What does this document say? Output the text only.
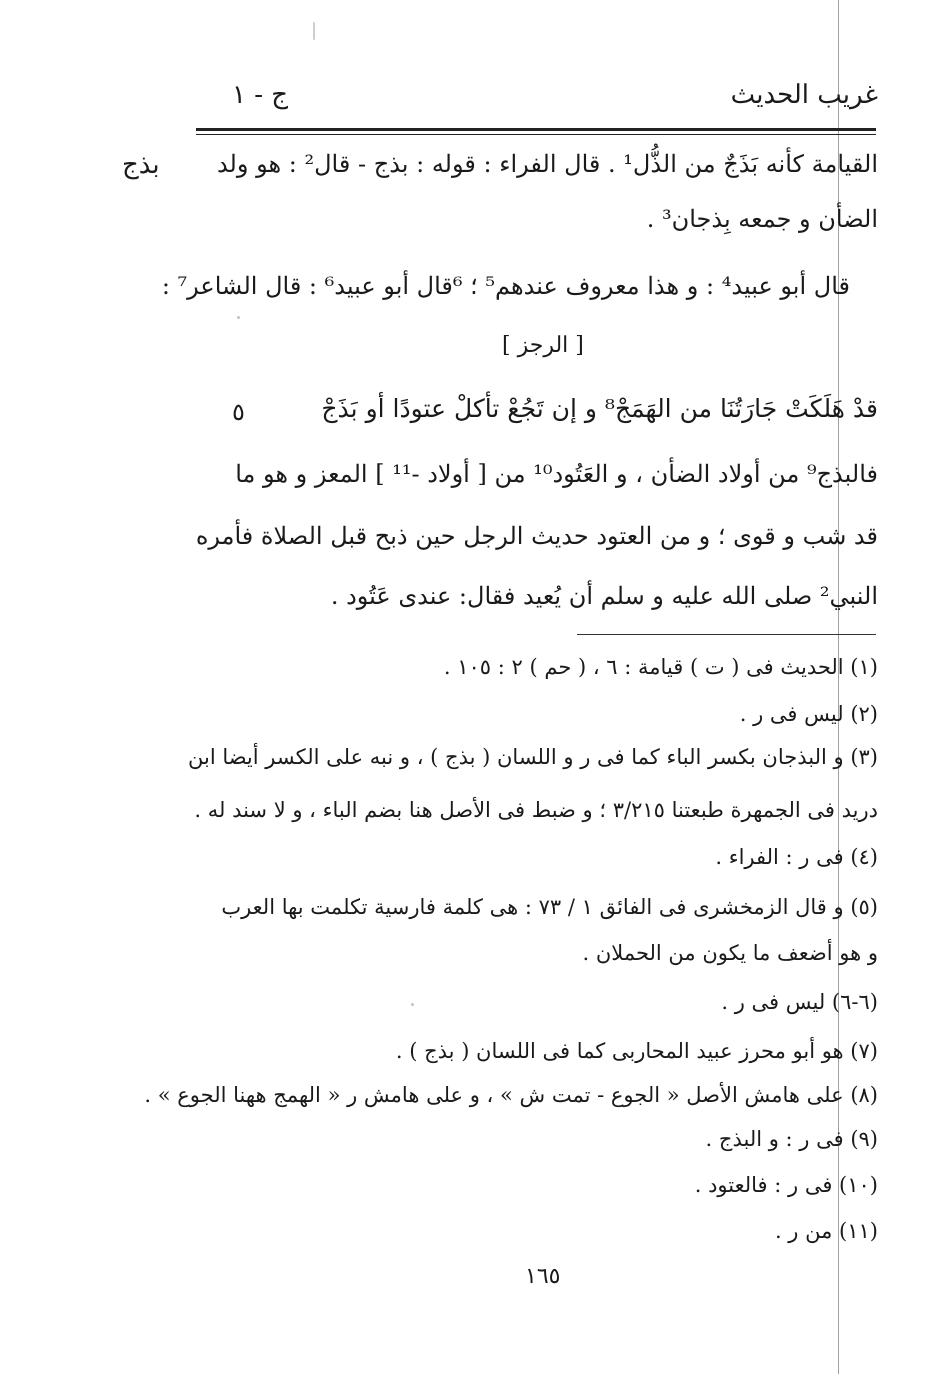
غريب الحديث
ج - ١
بذج القيامة كأنه بَذَجٌ من الذُّل¹ . قال الفراء : قوله : بذج - قال² : هو ولد
الضأن و جمعه بِذجان³ .
قال أبو عبيد⁴ : و هذا معروف عندهم⁵ ؛ ⁶قال أبو عبيد⁶ : قال الشاعر⁷ :
[ الرجز ]
قدْ هَلَكَتْ جَارَتُنَا من الهَمَجْ⁸ و إن تَجُعْ تأكلْ عتودًا أو بَذَجْ
٥
فالبذج⁹ من أولاد الضأن ، و العَتُود¹⁰ من [ أولاد -¹¹ ] المعز و هو ما
قد شب و قوى ؛ و من العتود حديث الرجل حين ذبح قبل الصلاة فأمره
النبي² صلى الله عليه و سلم أن يُعيد فقال: عندى عَتُود .
(١) الحديث فى ( ت ) قيامة : ٦ ، ( حم ) ٢ : ١٠٥ .
(٢) ليس فى ر .
(٣) و البذجان بكسر الباء كما فى ر و اللسان ( بذج ) ، و نبه على الكسر أيضا ابن
دريد فى الجمهرة طبعتنا ٣/٢١٥ ؛ و ضبط فى الأصل هنا بضم الباء ، و لا سند له .
(٤) فى ر : الفراء .
(٥) و قال الزمخشرى فى الفائق ١ / ٧٣ : هى كلمة فارسية تكلمت بها العرب
و هو أضعف ما يكون من الحملان .
(٦-٦) ليس فى ر .
(٧) هو أبو محرز عبيد المحاربى كما فى اللسان ( بذج ) .
(٨) على هامش الأصل « الجوع - تمت ش » ، و على هامش ر « الهمج ههنا الجوع » .
(٩) فى ر : و البذج .
(١٠) فى ر : فالعتود .
(١١) من ر .
١٦٥
